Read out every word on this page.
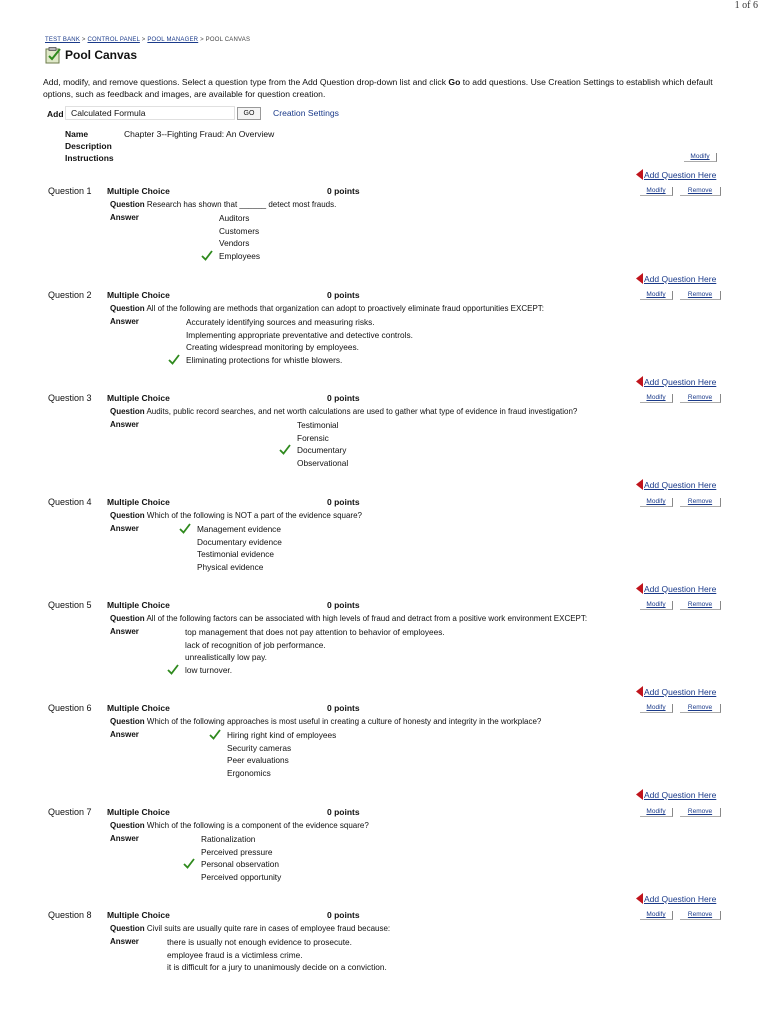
1 of 6
TEST BANK > CONTROL PANEL > POOL MANAGER > POOL CANVAS
Pool Canvas
Add, modify, and remove questions. Select a question type from the Add Question drop-down list and click Go to add questions. Use Creation Settings to establish which default options, such as feedback and images, are available for question creation.
Add Calculated Formula	GO	Creation Settings
Name	Chapter 3--Fighting Fraud: An Overview
Description
Instructions	Modify
Add Question Here
Question 1 Multiple Choice	0 points	Modify	Remove
Question Research has shown that ______ detect most frauds.
Answer	Auditors
Customers
Vendors
Employees
Add Question Here
Question 2 Multiple Choice	0 points	Modify	Remove
Question All of the following are methods that organization can adopt to proactively eliminate fraud opportunities EXCEPT:
Answer	Accurately identifying sources and measuring risks.
Implementing appropriate preventative and detective controls.
Creating widespread monitoring by employees.
Eliminating protections for whistle blowers.
Add Question Here
Question 3 Multiple Choice	0 points	Modify	Remove
Question Audits, public record searches, and net worth calculations are used to gather what type of evidence in fraud investigation?
Answer	Testimonial
Forensic
Documentary
Observational
Add Question Here
Question 4 Multiple Choice	0 points	Modify	Remove
Question Which of the following is NOT a part of the evidence square?
Answer	Management evidence
Documentary evidence
Testimonial evidence
Physical evidence
Add Question Here
Question 5 Multiple Choice	0 points	Modify	Remove
Question All of the following factors can be associated with high levels of fraud and detract from a positive work environment EXCEPT:
Answer	top management that does not pay attention to behavior of employees.
lack of recognition of job performance.
unrealistically low pay.
low turnover.
Add Question Here
Question 6 Multiple Choice	0 points	Modify	Remove
Question Which of the following approaches is most useful in creating a culture of honesty and integrity in the workplace?
Answer	Hiring right kind of employees
Security cameras
Peer evaluations
Ergonomics
Add Question Here
Question 7 Multiple Choice	0 points	Modify	Remove
Question Which of the following is a component of the evidence square?
Answer	Rationalization
Perceived pressure
Personal observation
Perceived opportunity
Add Question Here
Question 8 Multiple Choice	0 points	Modify	Remove
Question Civil suits are usually quite rare in cases of employee fraud because:
Answer	there is usually not enough evidence to prosecute.
employee fraud is a victimless crime.
it is difficult for a jury to unanimously decide on a conviction.
